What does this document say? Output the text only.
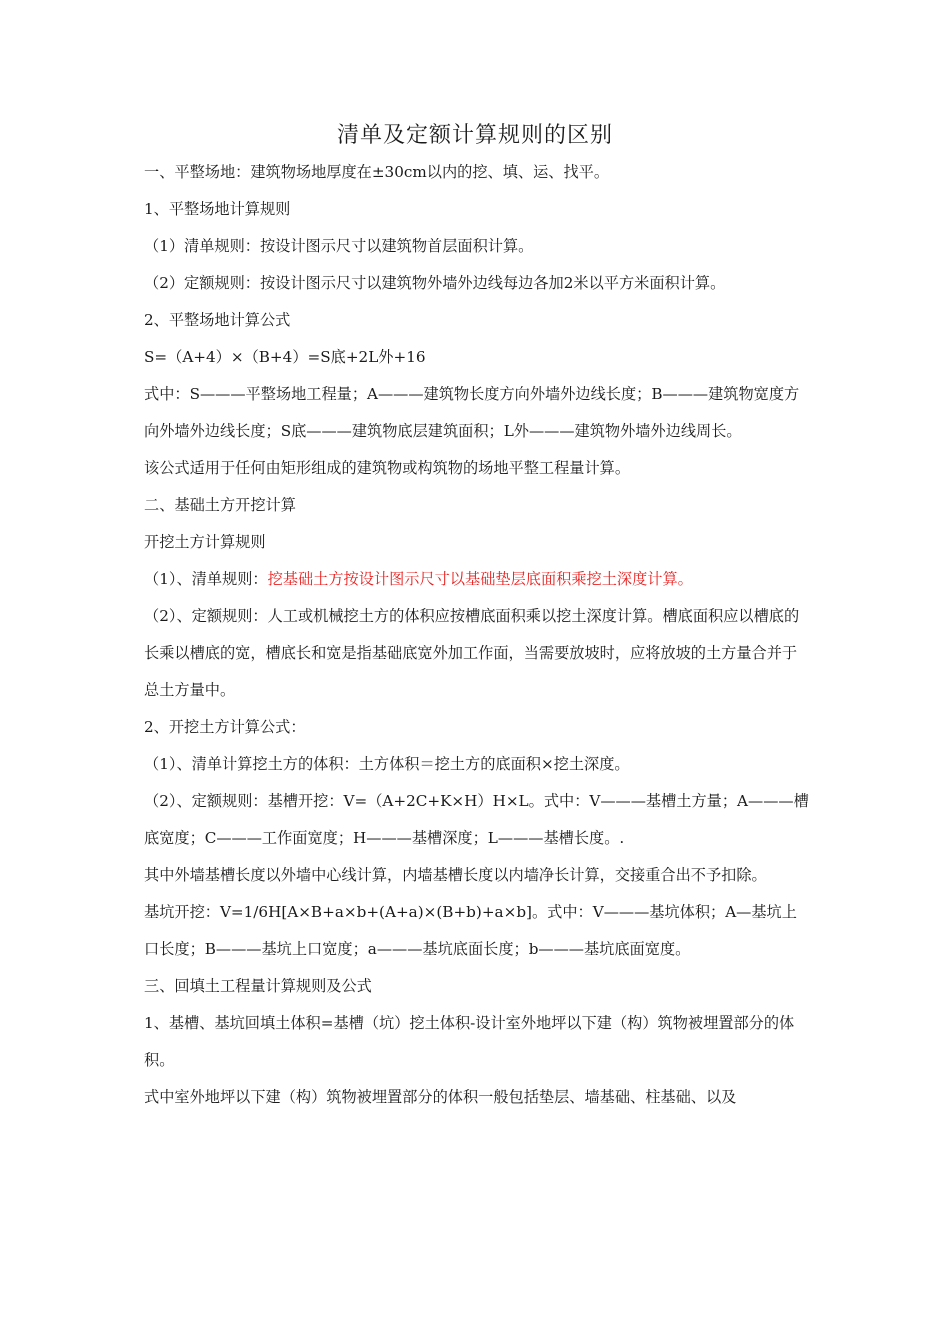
清单及定额计算规则的区别

一、平整场地：建筑物场地厚度在±30cm以内的挖、填、运、找平。

1、平整场地计算规则

（1）清单规则：按设计图示尺寸以建筑物首层面积计算。

（2）定额规则：按设计图示尺寸以建筑物外墙外边线每边各加2米以平方米面积计算。

2、平整场地计算公式

S=（A+4）×（B+4）=S底+2L外+16

式中：S———平整场地工程量；A———建筑物长度方向外墙外边线长度；B———建筑物宽度方向外墙外边线长度；S底———建筑物底层建筑面积；L外———建筑物外墙外边线周长。

该公式适用于任何由矩形组成的建筑物或构筑物的场地平整工程量计算。

二、基础土方开挖计算

开挖土方计算规则

（1）、清单规则：挖基础土方按设计图示尺寸以基础垫层底面积乘挖土深度计算。

（2）、定额规则：人工或机械挖土方的体积应按槽底面积乘以挖土深度计算。槽底面积应以槽底的长乘以槽底的宽，槽底长和宽是指基础底宽外加工作面，当需要放坡时，应将放坡的土方量合并于总土方量中。

2、开挖土方计算公式：

（1）、清单计算挖土方的体积：土方体积＝挖土方的底面积×挖土深度。

（2）、定额规则：基槽开挖：V=（A+2C+K×H）H×L。式中：V———基槽土方量；A———槽底宽度；C———工作面宽度；H———基槽深度；L———基槽长度。.

其中外墙基槽长度以外墙中心线计算，内墙基槽长度以内墙净长计算，交接重合出不予扣除。

基坑开挖：V=1/6H[A×B+a×b+(A+a)×(B+b)+a×b]。式中：V———基坑体积；A—基坑上口长度；B———基坑上口宽度；a———基坑底面长度；b———基坑底面宽度。

三、回填土工程量计算规则及公式

1、基槽、基坑回填土体积=基槽（坑）挖土体积-设计室外地坪以下建（构）筑物被埋置部分的体积。

式中室外地坪以下建（构）筑物被埋置部分的体积一般包括垫层、墙基础、柱基础、以及
